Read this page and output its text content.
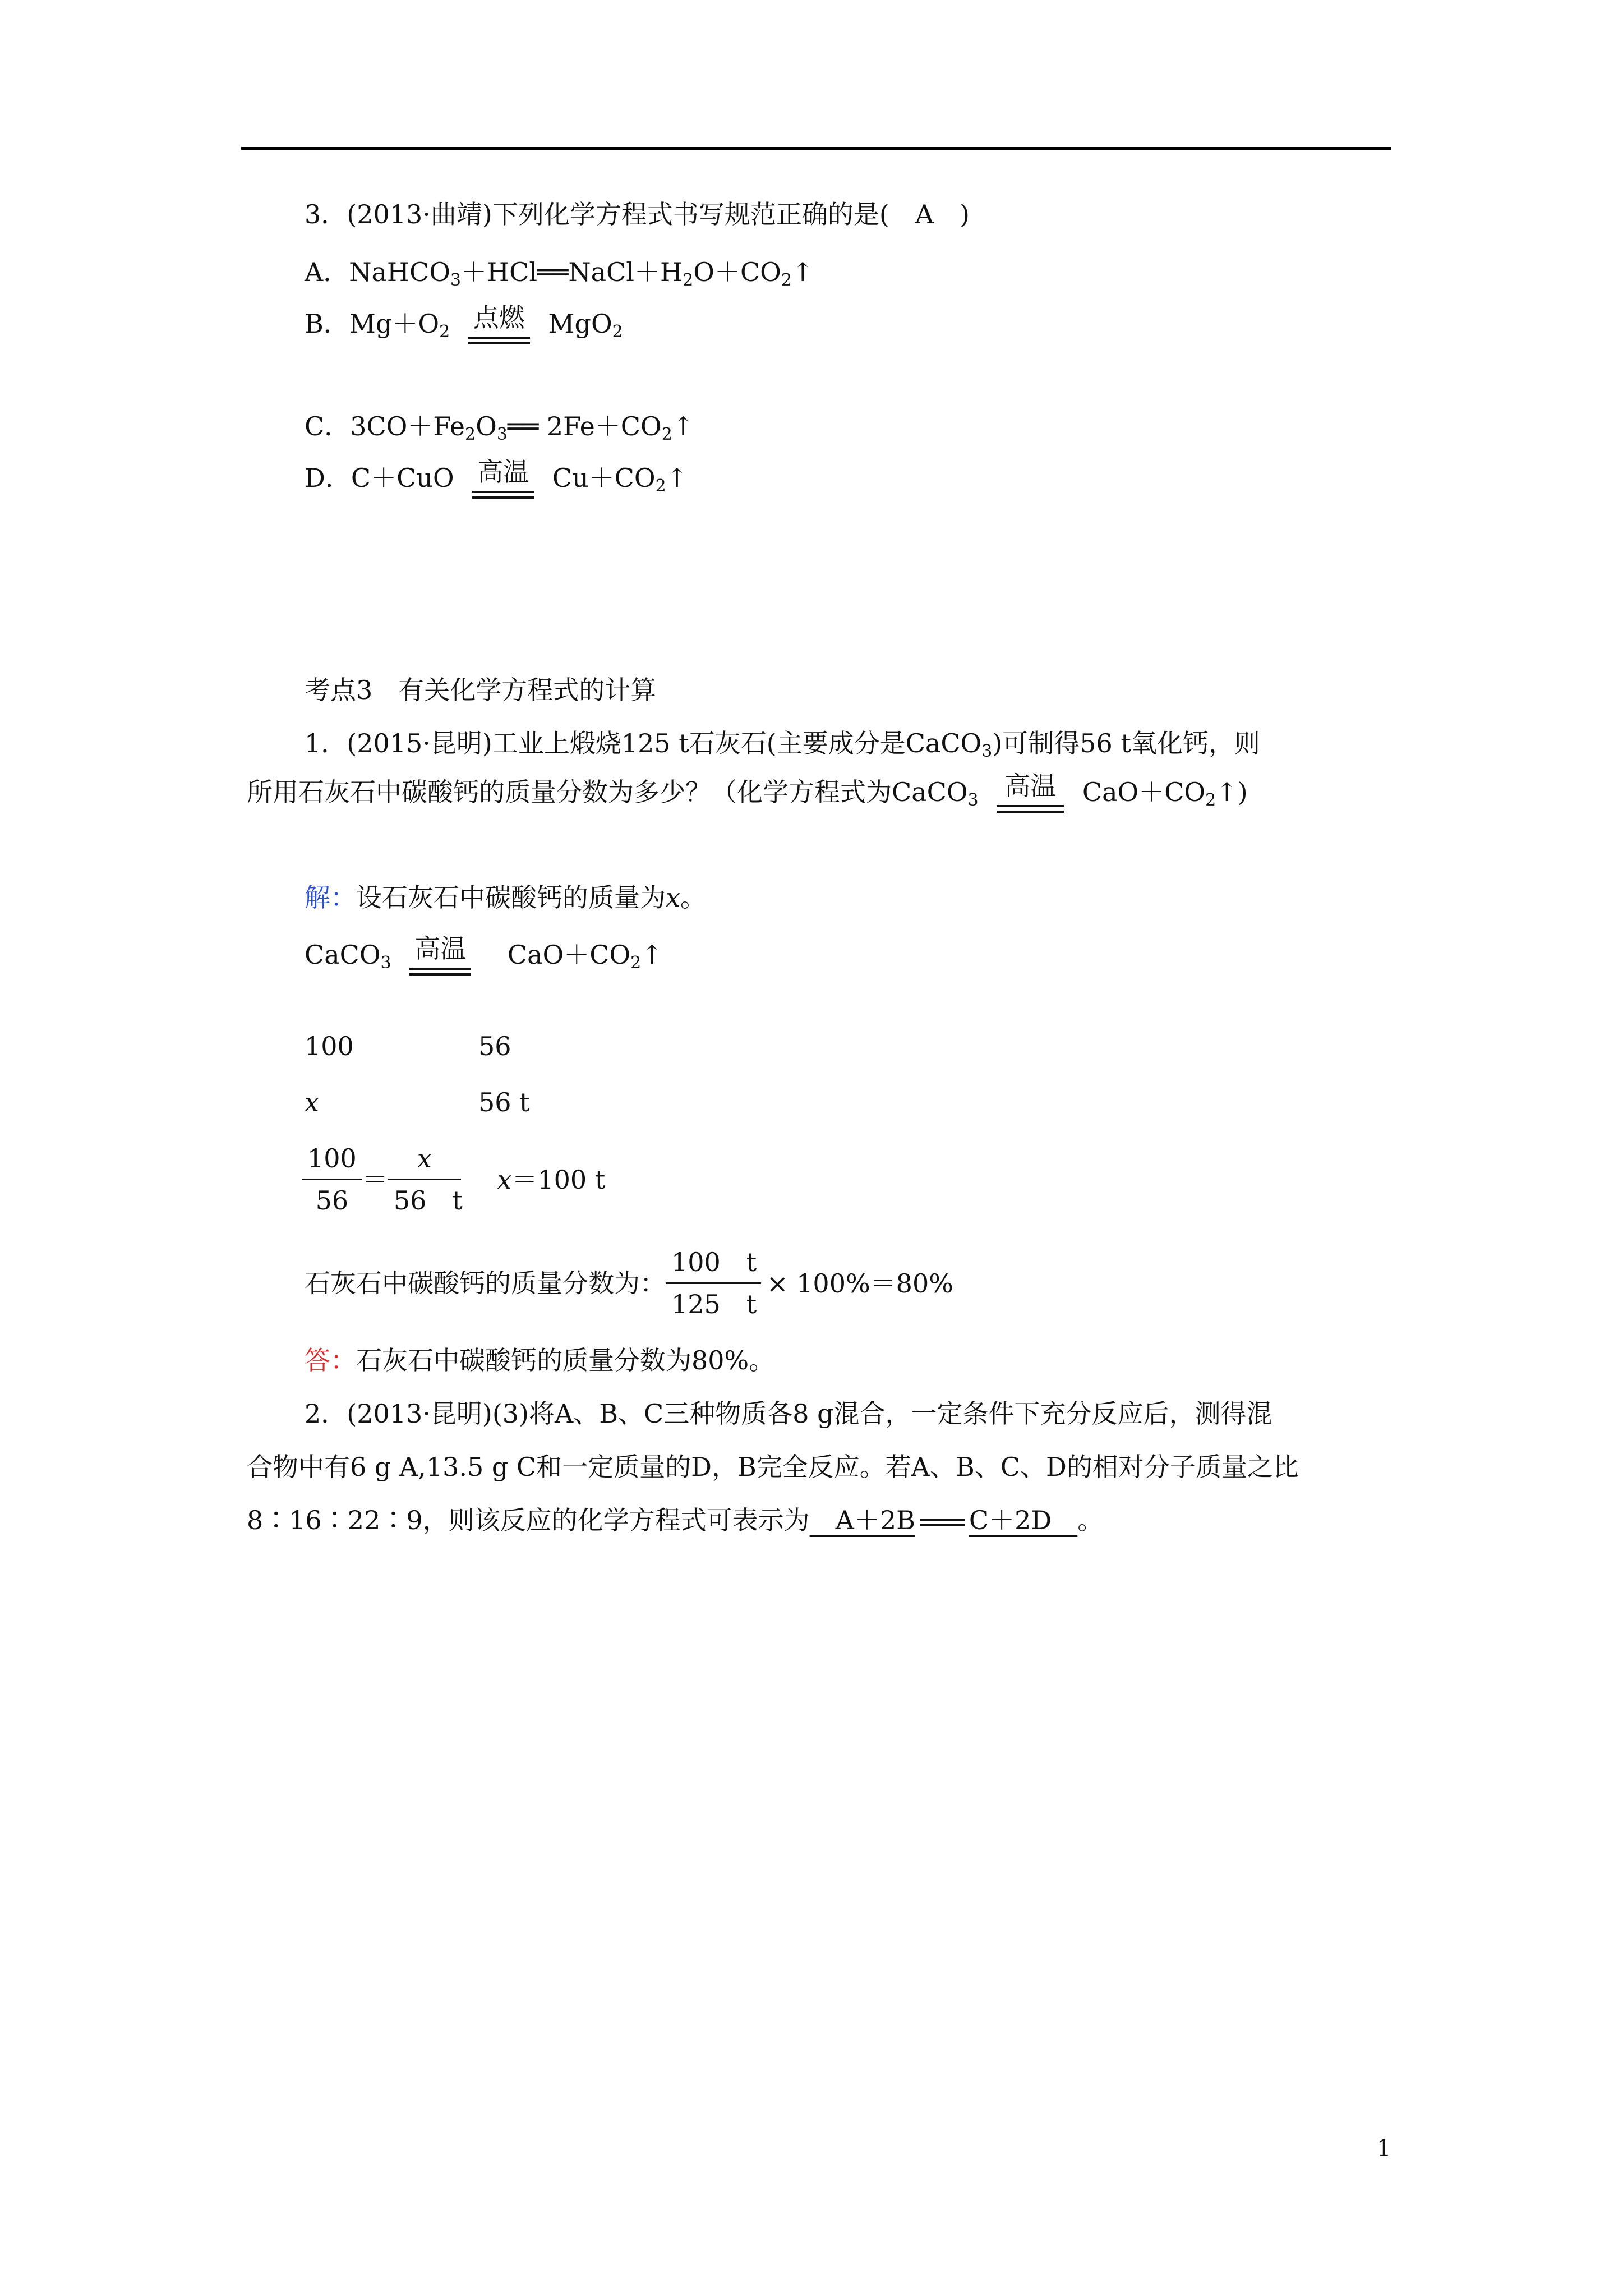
3．(2013·曲靖)下列化学方程式书写规范正确的是(　A　)
A．$NaHCO_3+HCl══NaCl+H_2O+CO_2↑$
B．$Mg+O_2$ 点燃 MgO$_2$
C．$3CO+Fe_2O_3══$ $2Fe+CO_2↑$
D．C＋CuO 高温 $Cu+CO_2↑$
考点3　有关化学方程式的计算
1．(2015·昆明)工业上煅烧125 t石灰石(主要成分是CaCO$_3$)可制得56 t氧化钙，则
所用石灰石中碳酸钙的质量分数为多少？（化学方程式为CaCO$_3$	高温	$CaO+CO_2↑$)
解：设石灰石中碳酸钙的质量为x。
CaCO$_3$ 高温 $CaO+CO_2↑$
100	56
x	56 t
$\frac{100}{56} = \frac{x}{56 t} x=100$ t
石灰石中碳酸钙的质量分数为： $\frac{100 t}{125 t} \times 100\%=80\%$
答：石灰石中碳酸钙的质量分数为80%。
2．(2013·昆明)(3)将A、B、C三种物质各8 g混合，一定条件下充分反应后，测得混
合物中有6 g A,13.5 g C和一定质量的D，B完全反应。若A、B、C、D的相对分子质量之比
8∶16∶22∶9，则该反应的化学方程式可表示为　A＋2B C＋2D　。
1
